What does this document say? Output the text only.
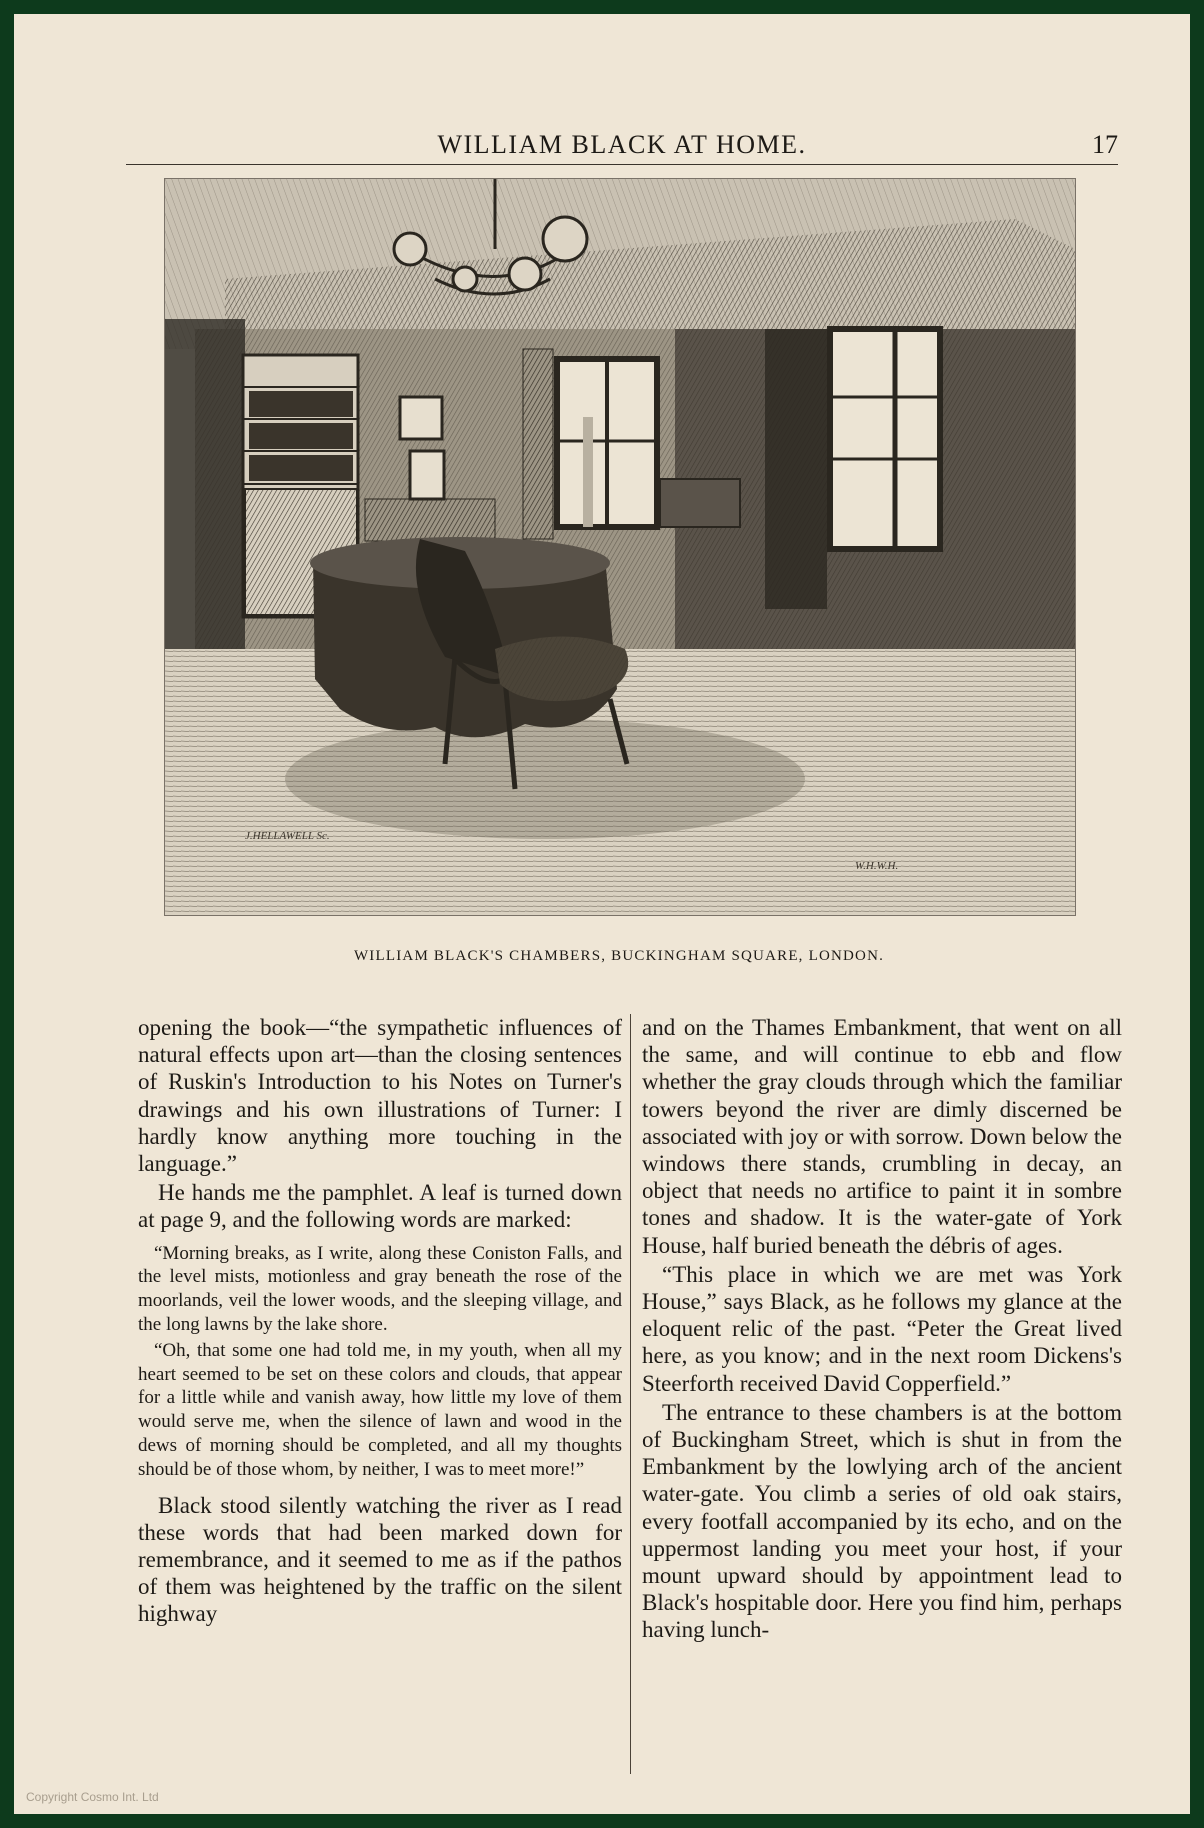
WILLIAM BLACK AT HOME.	17
J.HELLAWELL Sc.
W.H.W.H.
WILLIAM BLACK'S CHAMBERS, BUCKINGHAM SQUARE, LONDON.

opening the book—“the sympathetic influences of natural effects upon art—than the closing sentences of Ruskin's Introduction to his Notes on Turner's drawings and his own illustrations of Turner: I hardly know anything more touching in the language.”

He hands me the pamphlet. A leaf is turned down at page 9, and the following words are marked:

“Morning breaks, as I write, along these Coniston Falls, and the level mists, motionless and gray beneath the rose of the moorlands, veil the lower woods, and the sleeping village, and the long lawns by the lake shore.

“Oh, that some one had told me, in my youth, when all my heart seemed to be set on these colors and clouds, that appear for a little while and vanish away, how little my love of them would serve me, when the silence of lawn and wood in the dews of morning should be completed, and all my thoughts should be of those whom, by neither, I was to meet more!”

Black stood silently watching the river as I read these words that had been marked down for remembrance, and it seemed to me as if the pathos of them was heightened by the traffic on the silent highway

and on the Thames Embankment, that went on all the same, and will continue to ebb and flow whether the gray clouds through which the familiar towers beyond the river are dimly discerned be associated with joy or with sorrow. Down below the windows there stands, crumbling in decay, an object that needs no artifice to paint it in sombre tones and shadow. It is the water-gate of York House, half buried beneath the débris of ages.

“This place in which we are met was York House,” says Black, as he follows my glance at the eloquent relic of the past. “Peter the Great lived here, as you know; and in the next room Dickens's Steerforth received David Copperfield.”

The entrance to these chambers is at the bottom of Buckingham Street, which is shut in from the Embankment by the lowlying arch of the ancient water-gate. You climb a series of old oak stairs, every footfall accompanied by its echo, and on the uppermost landing you meet your host, if your mount upward should by appointment lead to Black's hospitable door. Here you find him, perhaps having lunch-

Copyright Cosmo Int. Ltd
